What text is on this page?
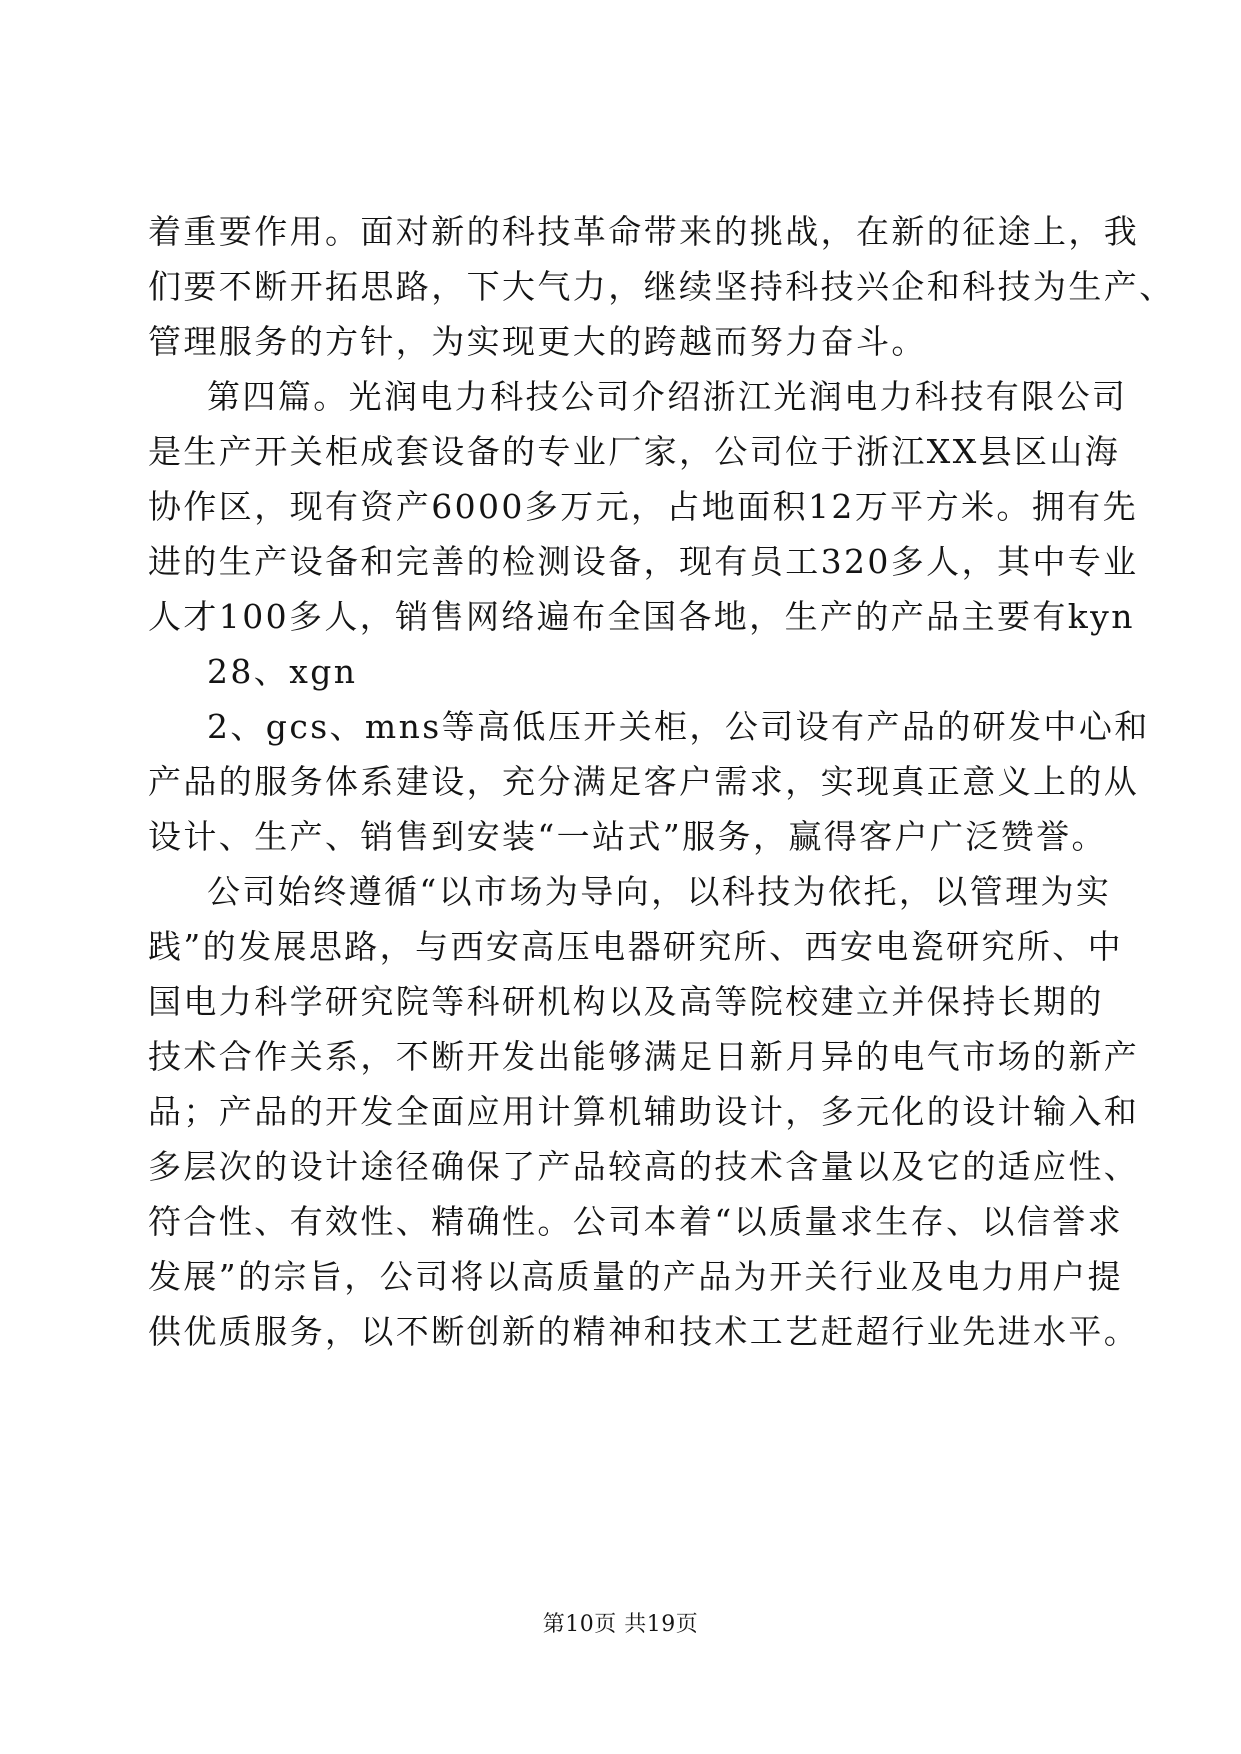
着重要作用。面对新的科技革命带来的挑战，在新的征途上，我
们要不断开拓思路，下大气力，继续坚持科技兴企和科技为生产、
管理服务的方针，为实现更大的跨越而努力奋斗。
第四篇。光润电力科技公司介绍浙江光润电力科技有限公司
是生产开关柜成套设备的专业厂家，公司位于浙江XX县区山海
协作区，现有资产6000多万元，占地面积12万平方米。拥有先
进的生产设备和完善的检测设备，现有员工320多人，其中专业
人才100多人，销售网络遍布全国各地，生产的产品主要有kyn
28、xgn
2、gcs、mns等高低压开关柜，公司设有产品的研发中心和
产品的服务体系建设，充分满足客户需求，实现真正意义上的从
设计、生产、销售到安装“一站式”服务，赢得客户广泛赞誉。
公司始终遵循“以市场为导向，以科技为依托，以管理为实
践”的发展思路，与西安高压电器研究所、西安电瓷研究所、中
国电力科学研究院等科研机构以及高等院校建立并保持长期的
技术合作关系，不断开发出能够满足日新月异的电气市场的新产
品；产品的开发全面应用计算机辅助设计，多元化的设计输入和
多层次的设计途径确保了产品较高的技术含量以及它的适应性、
符合性、有效性、精确性。公司本着“以质量求生存、以信誉求
发展”的宗旨，公司将以高质量的产品为开关行业及电力用户提
供优质服务，以不断创新的精神和技术工艺赶超行业先进水平。
第10页 共19页
